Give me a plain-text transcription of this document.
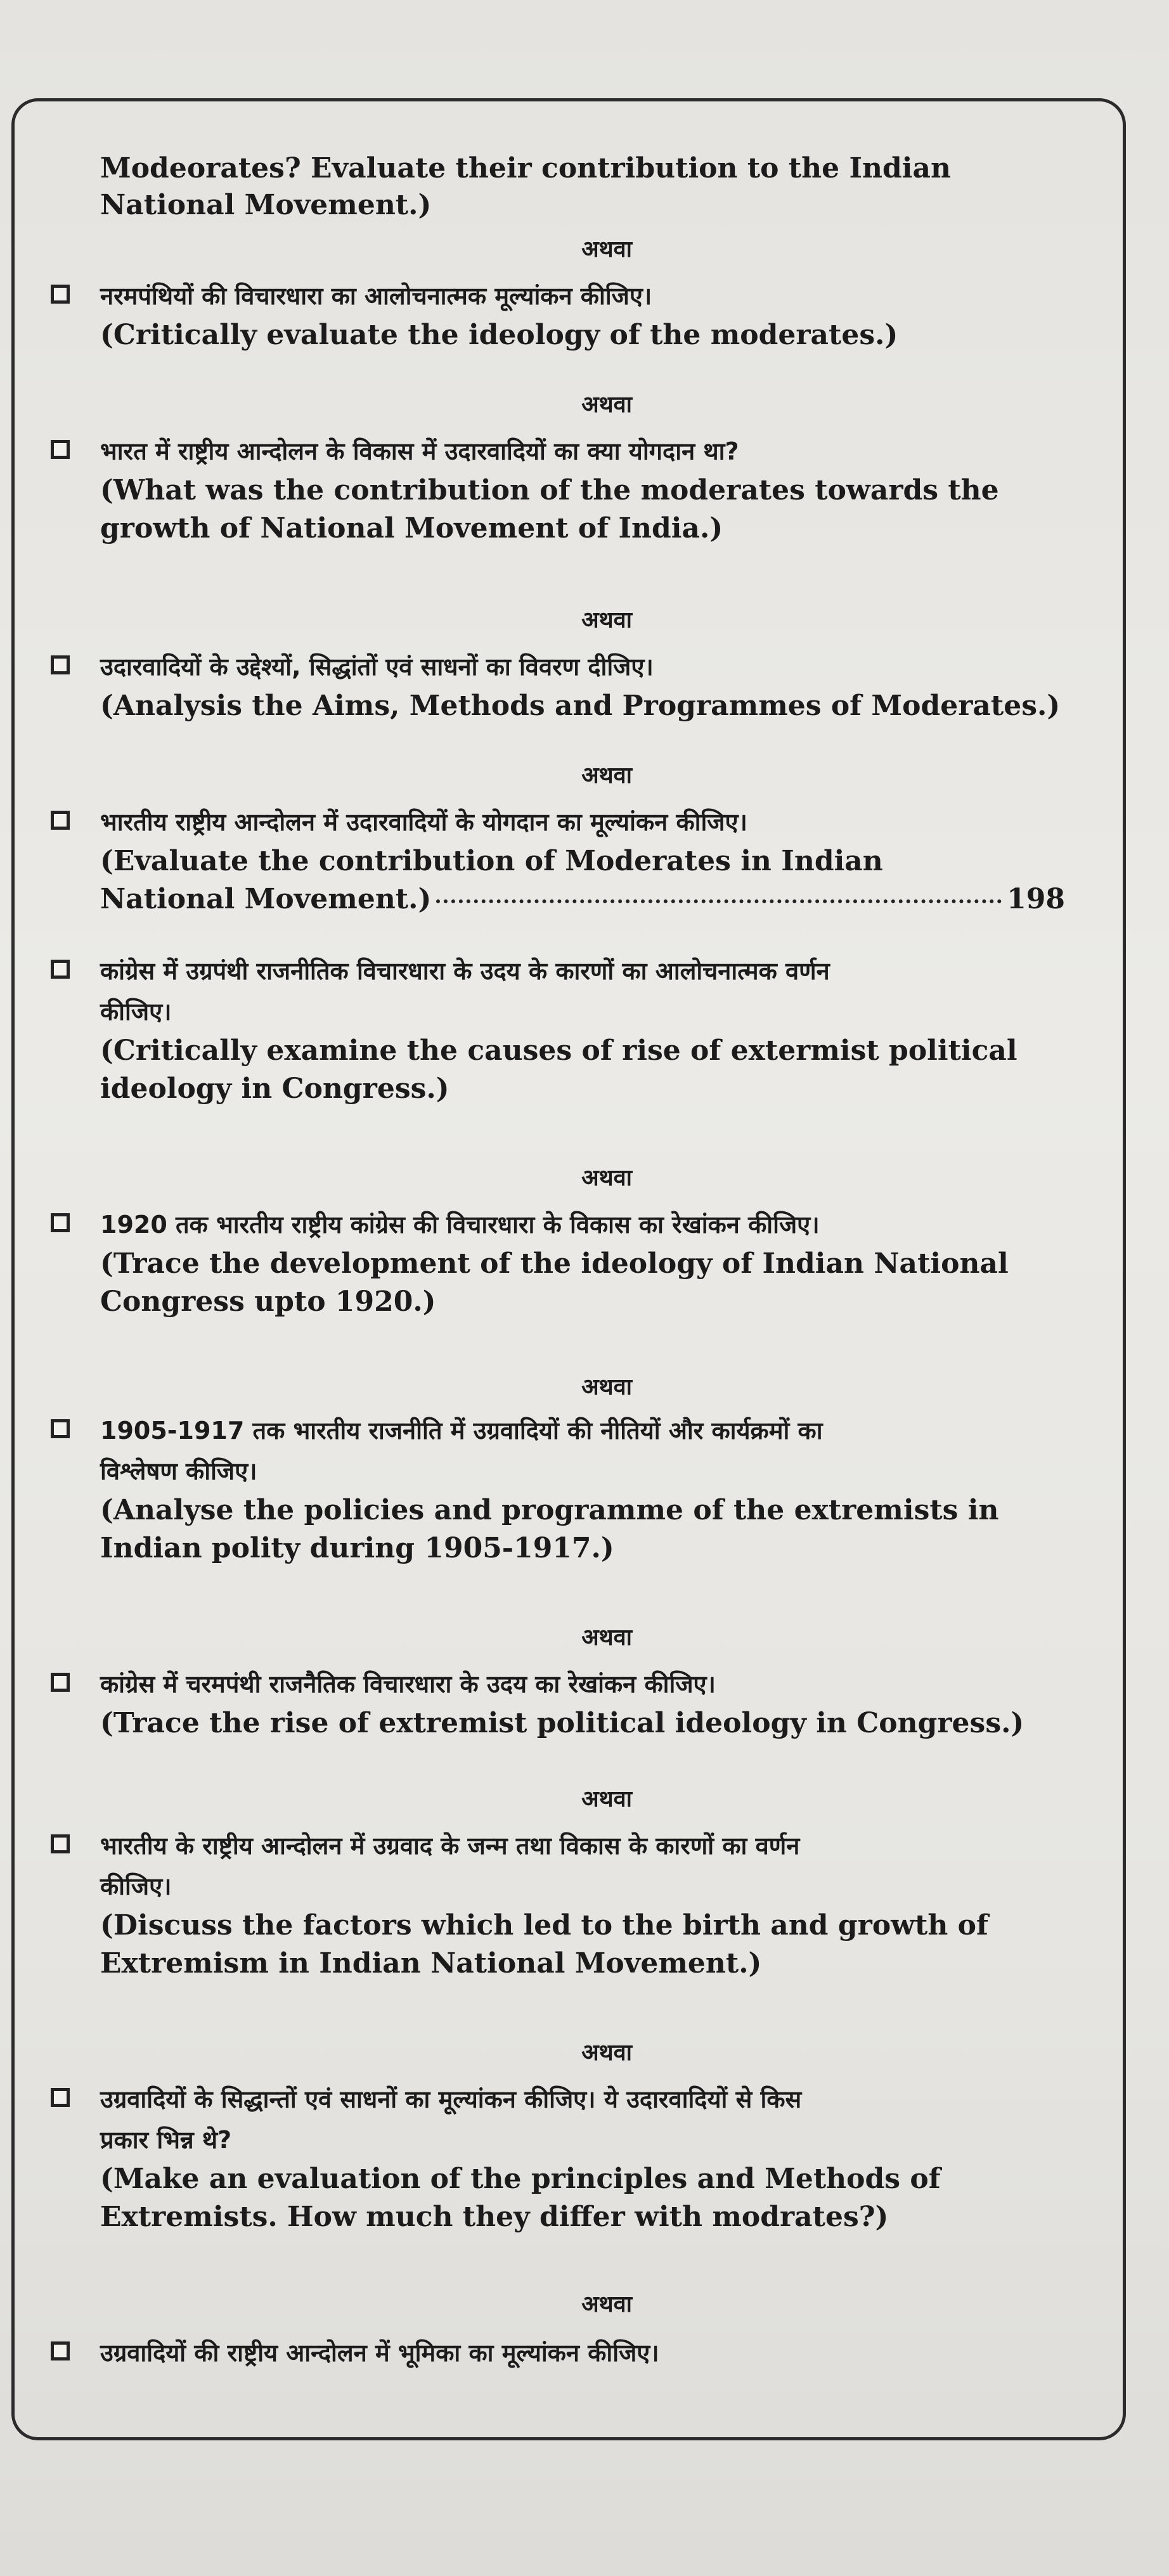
Modeorates? Evaluate their contribution to the Indian
National Movement.)
अथवा
नरमपंथियों की विचारधारा का आलोचनात्मक मूल्यांकन कीजिए।
(Critically evaluate the ideology of the moderates.)
अथवा
भारत में राष्ट्रीय आन्दोलन के विकास में उदारवादियों का क्या योगदान था?
(What was the contribution of the moderates towards the
growth of National Movement of India.)
अथवा
उदारवादियों के उद्देश्यों, सिद्धांतों एवं साधनों का विवरण दीजिए।
(Analysis the Aims, Methods and Programmes of Moderates.)
अथवा
भारतीय राष्ट्रीय आन्दोलन में उदारवादियों के योगदान का मूल्यांकन कीजिए।
(Evaluate the contribution of Moderates in Indian
National Movement.)	198
कांग्रेस में उग्रपंथी राजनीतिक विचारधारा के उदय के कारणों का आलोचनात्मक वर्णन
कीजिए।
(Critically examine the causes of rise of extermist political
ideology in Congress.)
अथवा
1920 तक भारतीय राष्ट्रीय कांग्रेस की विचारधारा के विकास का रेखांकन कीजिए।
(Trace the development of the ideology of Indian National
Congress upto 1920.)
अथवा
1905-1917 तक भारतीय राजनीति में उग्रवादियों की नीतियों और कार्यक्रमों का
विश्लेषण कीजिए।
(Analyse the policies and programme of the extremists in
Indian polity during 1905-1917.)
अथवा
कांग्रेस में चरमपंथी राजनैतिक विचारधारा के उदय का रेखांकन कीजिए।
(Trace the rise of extremist political ideology in Congress.)
अथवा
भारतीय के राष्ट्रीय आन्दोलन में उग्रवाद के जन्म तथा विकास के कारणों का वर्णन
कीजिए।
(Discuss the factors which led to the birth and growth of
Extremism in Indian National Movement.)
अथवा
उग्रवादियों के सिद्धान्तों एवं साधनों का मूल्यांकन कीजिए। ये उदारवादियों से किस
प्रकार भिन्न थे?
(Make an evaluation of the principles and Methods of
Extremists. How much they differ with modrates?)
अथवा
उग्रवादियों की राष्ट्रीय आन्दोलन में भूमिका का मूल्यांकन कीजिए।
